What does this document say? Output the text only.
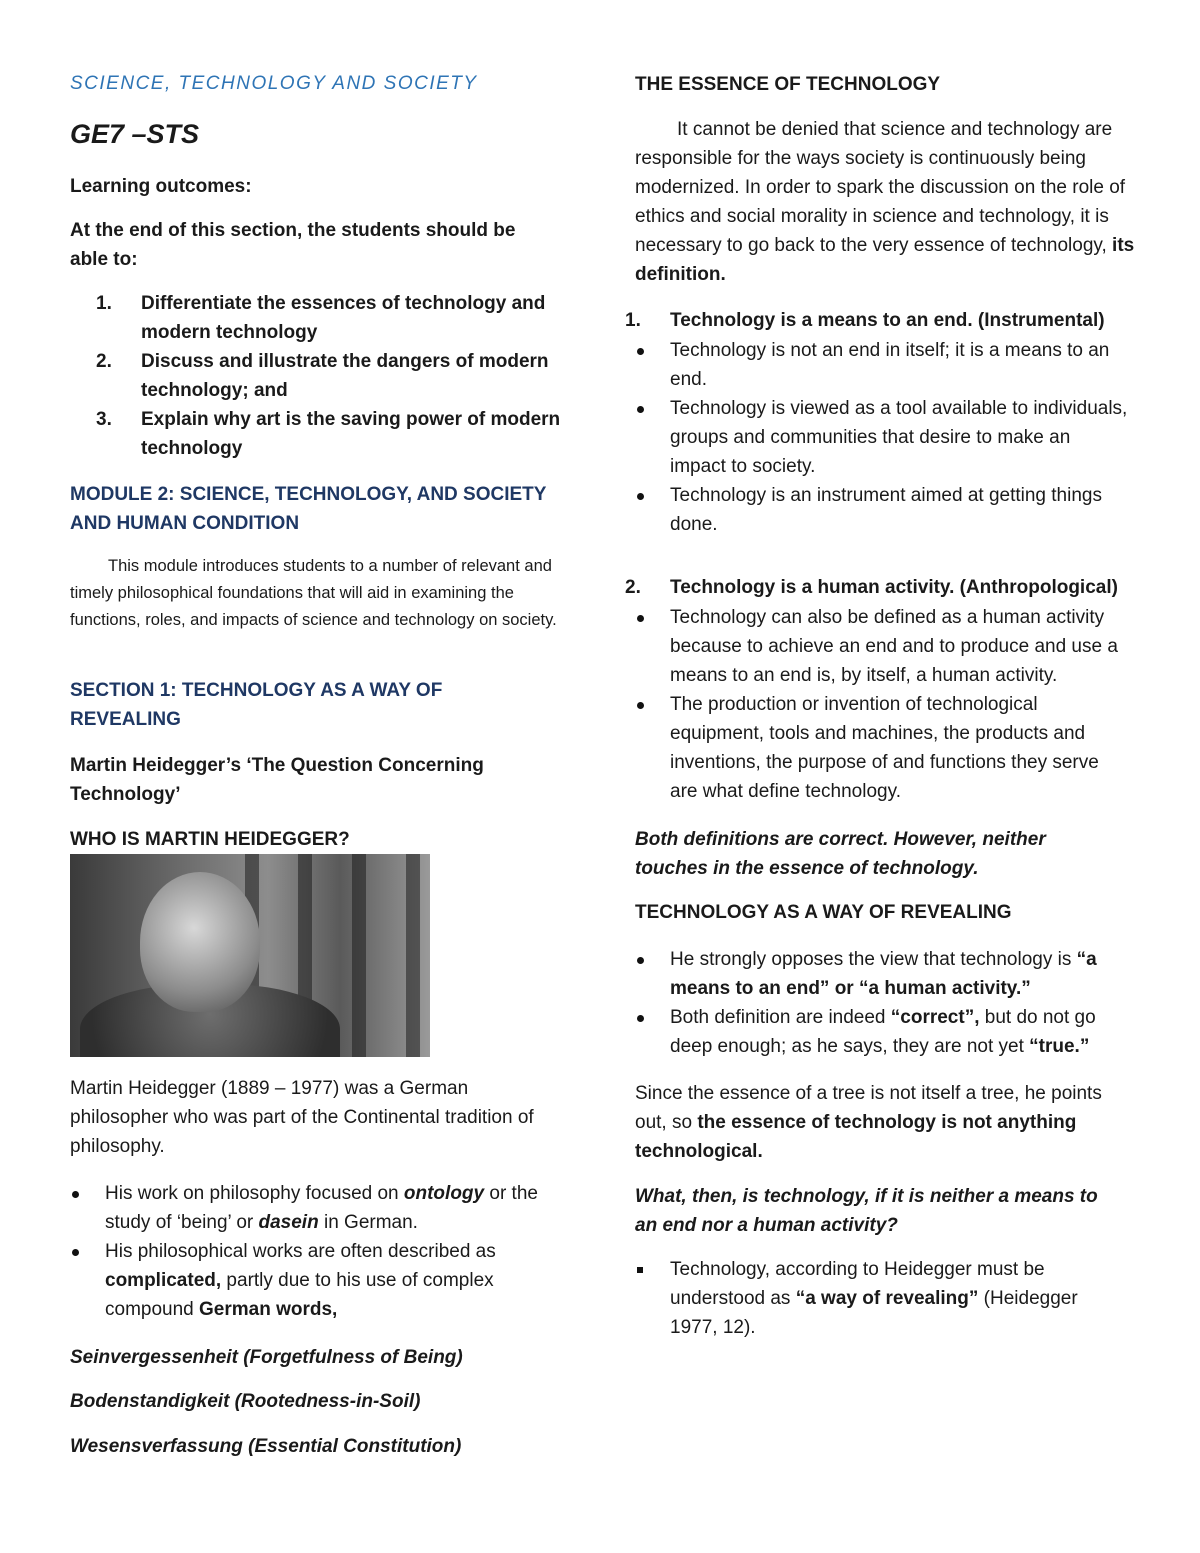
SCIENCE, TECHNOLOGY AND SOCIETY

GE7 –STS

Learning outcomes:

At the end of this section, the students should be able to:

1. Differentiate the essences of technology and modern technology
2. Discuss and illustrate the dangers of modern technology; and
3. Explain why art is the saving power of modern technology

MODULE 2: SCIENCE, TECHNOLOGY, AND SOCIETY AND HUMAN CONDITION

This module introduces students to a number of relevant and timely philosophical foundations that will aid in examining the functions, roles, and impacts of science and technology on society.

SECTION 1: TECHNOLOGY AS A WAY OF REVEALING

Martin Heidegger’s ‘The Question Concerning Technology’

WHO IS MARTIN HEIDEGGER?

Martin Heidegger (1889 – 1977) was a German philosopher who was part of the Continental tradition of philosophy.

His work on philosophy focused on ontology or the study of ‘being’ or dasein in German.
His philosophical works are often described as complicated, partly due to his use of complex compound German words,

Seinvergessenheit (Forgetfulness of Being)

Bodenstandigkeit (Rootedness-in-Soil)

Wesensverfassung (Essential Constitution)

THE ESSENCE OF TECHNOLOGY

It cannot be denied that science and technology are responsible for the ways society is continuously being modernized. In order to spark the discussion on the role of ethics and social morality in science and technology, it is necessary to go back to the very essence of technology, its definition.

1. Technology is a means to an end. (Instrumental)
Technology is not an end in itself; it is a means to an end.
Technology is viewed as a tool available to individuals, groups and communities that desire to make an impact to society.
Technology is an instrument aimed at getting things done.
2. Technology is a human activity. (Anthropological)
Technology can also be defined as a human activity because to achieve an end and to produce and use a means to an end is, by itself, a human activity.
The production or invention of technological equipment, tools and machines, the products and inventions, the purpose of and functions they serve are what define technology.

Both definitions are correct. However, neither touches in the essence of technology.

TECHNOLOGY AS A WAY OF REVEALING

He strongly opposes the view that technology is “a means to an end” or “a human activity.”
Both definition are indeed “correct”, but do not go deep enough; as he says, they are not yet “true.”

Since the essence of a tree is not itself a tree, he points out, so the essence of technology is not anything technological.

What, then, is technology, if it is neither a means to an end nor a human activity?

Technology, according to Heidegger must be understood as “a way of revealing” (Heidegger 1977, 12).
